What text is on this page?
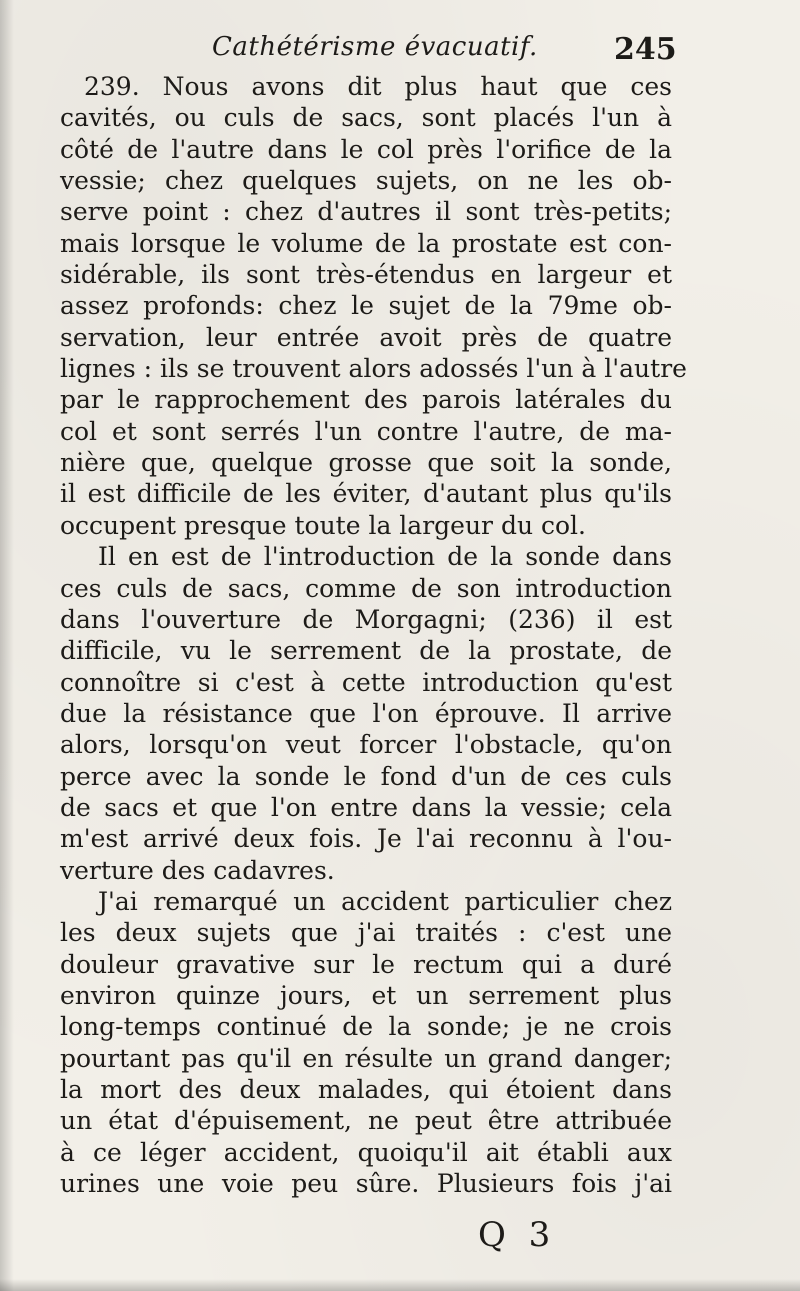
Cathétérisme évacuatif.	245
239. Nous avons dit plus haut que ces
cavités, ou culs de sacs, sont placés l'un à
côté de l'autre dans le col près l'orifice de la
vessie; chez quelques sujets, on ne les ob-
serve point : chez d'autres il sont très-petits;
mais lorsque le volume de la prostate est con-
sidérable, ils sont très-étendus en largeur et
assez profonds: chez le sujet de la 79me ob-
servation, leur entrée avoit près de quatre
lignes : ils se trouvent alors adossés l'un à l'autre
par le rapprochement des parois latérales du
col et sont serrés l'un contre l'autre, de ma-
nière que, quelque grosse que soit la sonde,
il est difficile de les éviter, d'autant plus qu'ils
occupent presque toute la largeur du col.
Il en est de l'introduction de la sonde dans
ces culs de sacs, comme de son introduction
dans l'ouverture de Morgagni; (236) il est
difficile, vu le serrement de la prostate, de
connoître si c'est à cette introduction qu'est
due la résistance que l'on éprouve. Il arrive
alors, lorsqu'on veut forcer l'obstacle, qu'on
perce avec la sonde le fond d'un de ces culs
de sacs et que l'on entre dans la vessie; cela
m'est arrivé deux fois. Je l'ai reconnu à l'ou-
verture des cadavres.
J'ai remarqué un accident particulier chez
les deux sujets que j'ai traités : c'est une
douleur gravative sur le rectum qui a duré
environ quinze jours, et un serrement plus
long-temps continué de la sonde; je ne crois
pourtant pas qu'il en résulte un grand danger;
la mort des deux malades, qui étoient dans
un état d'épuisement, ne peut être attribuée
à ce léger accident, quoiqu'il ait établi aux
urines une voie peu sûre. Plusieurs fois j'ai
Q 3
